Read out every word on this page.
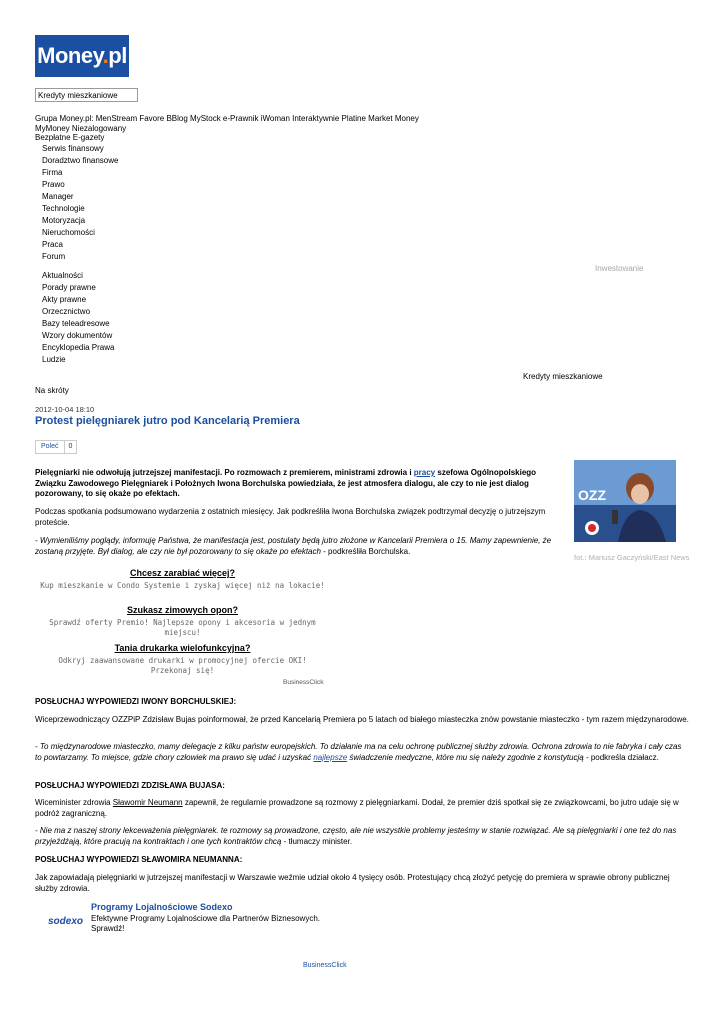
Money.pl
Kredyty mieszkaniowe
Grupa Money.pl: MenStream Favore BBlog MyStock e-Prawnik iWoman Interaktywnie Platine Market Money
MyMoney Niezalogowany
Bezpłatne E-gazety
Serwis finansowy
Doradztwo finansowe
Firma
Prawo
Manager
Technologie
Motoryzacja
Nieruchomości
Praca
Forum
Inwestowanie
Aktualności
Porady prawne
Akty prawne
Orzecznictwo
Bazy teleadresowe
Wzory dokumentów
Encyklopedia Prawa
Ludzie
Kredyty mieszkaniowe
Na skróty
2012-10-04 18:10
Protest pielęgniarek jutro pod Kancelarią Premiera
Poleć	0
Pielęgniarki nie odwołują jutrzejszej manifestacji. Po rozmowach z premierem, ministrami zdrowia i pracy szefowa Ogólnopolskiego Związku Zawodowego Pielęgniarek i Położnych Iwona Borchulska powiedziała, że jest atmosfera dialogu, ale czy to nie jest dialog pozorowany, to się okaże po efektach.	OZZ
fot.: Mariusz Gaczyński/East News
Podczas spotkania podsumowano wydarzenia z ostatnich miesięcy. Jak podkreśliła Iwona Borchulska związek podtrzymał decyzję o jutrzejszym proteście.
- Wymieniliśmy poglądy, informuję Państwa, że manifestacja jest, postulaty będą jutro złożone w Kancelarii Premiera o 15. Mamy zapewnienie, że zostaną przyjęte. Był dialog, ale czy nie był pozorowany to się okaże po efektach - podkreśliła Borchulska.
Chcesz zarabiać więcej?
Kup mieszkanie w Condo Systemie i zyskaj więcej niż na lokacie!
Szukasz zimowych opon?
Sprawdź oferty Premio! Najlepsze opony i akcesoria w jednym miejscu!
Tania drukarka wielofunkcyjna?
Odkryj zaawansowane drukarki w promocyjnej ofercie OKI! Przekonaj się!
BusinessClick
POSŁUCHAJ WYPOWIEDZI IWONY BORCHULSKIEJ:
Wiceprzewodniczący OZZPiP Zdzisław Bujas poinformował, że przed Kancelarią Premiera po 5 latach od białego miasteczka znów powstanie miasteczko - tym razem międzynarodowe.
- To międzynarodowe miasteczko, mamy delegacje z kilku państw europejskich. To działanie ma na celu ochronę publicznej służby zdrowia. Ochrona zdrowia to nie fabryka i cały czas to powtarzamy. To miejsce, gdzie chory człowiek ma prawo się udać i uzyskać najlepsze świadczenie medyczne, które mu się należy zgodnie z konstytucją - podkreśla działacz.
POSŁUCHAJ WYPOWIEDZI ZDZISŁAWA BUJASA:
Wiceminister zdrowia Sławomir Neumann zapewnił, że regularnie prowadzone są rozmowy z pielęgniarkami. Dodał, że premier dziś spotkał się ze związkowcami, bo jutro udaje się w podróż zagraniczną.
- Nie ma z naszej strony lekceważenia pielęgniarek. te rozmowy są prowadzone, często, ale nie wszystkie problemy jesteśmy w stanie rozwiązać. Ale są pielęgniarki i one też do nas przyjeżdżają, które pracują na kontraktach i one tych kontraktów chcą - tłumaczy minister.
POSŁUCHAJ WYPOWIEDZI SŁAWOMIRA NEUMANNA:
Jak zapowiadają pielęgniarki w jutrzejszej manifestacji w Warszawie weźmie udział około 4 tysięcy osób. Protestujący chcą złożyć petycję do premiera w sprawie obrony publicznej służby zdrowia.
sodexo
Programy Lojalnościowe Sodexo
Efektywne Programy Lojalnościowe dla Partnerów Biznesowych.
Sprawdź!
BusinessClick
